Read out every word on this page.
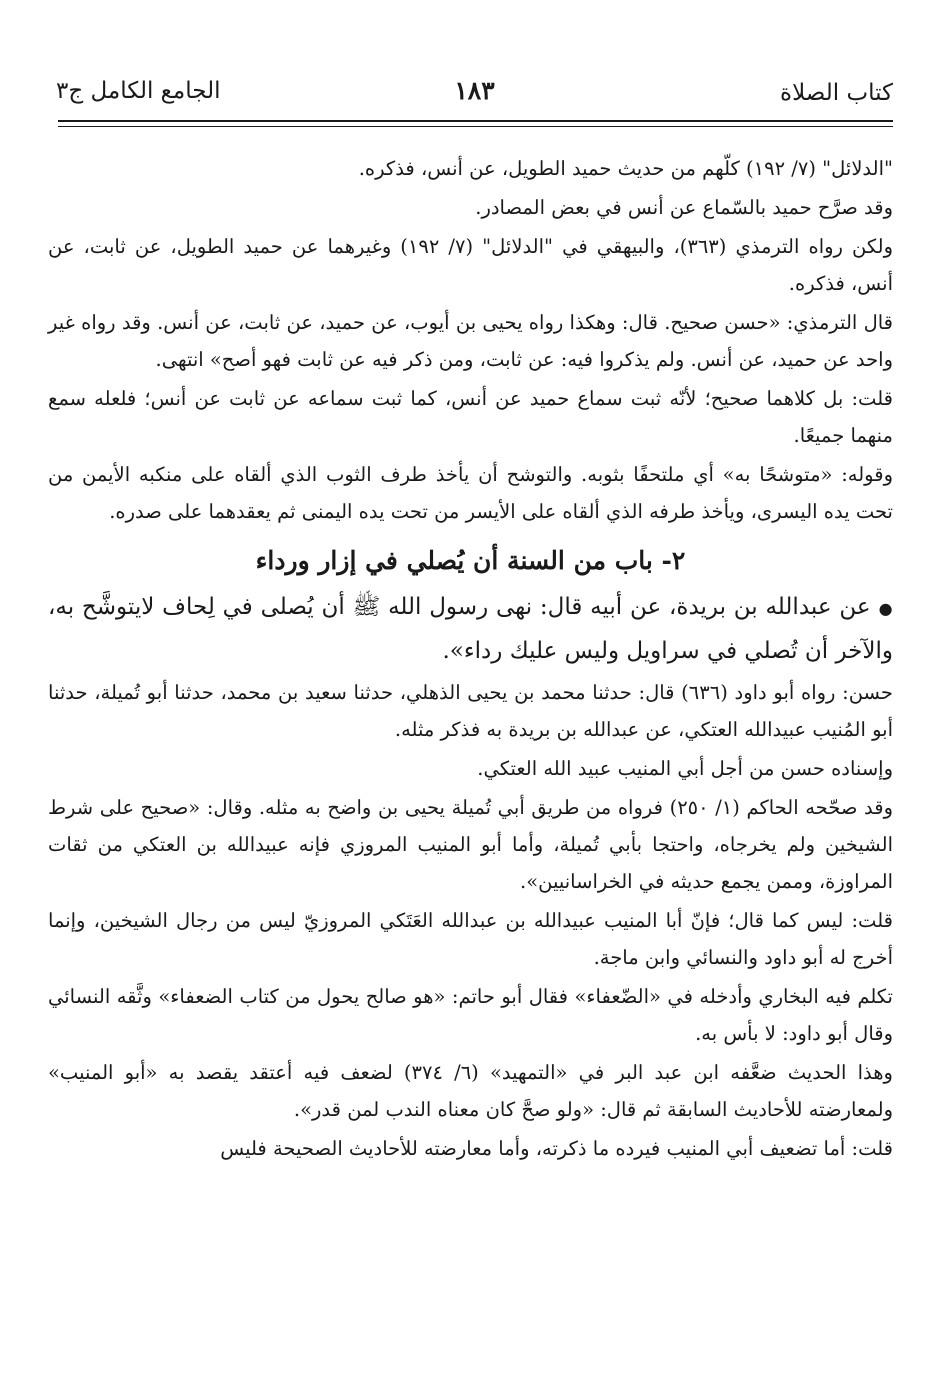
كتاب الصلاة
١٨٣
الجامع الكامل ج٣

"الدلائل" (٧/ ١٩٢) كلّهم من حديث حميد الطويل، عن أنس، فذكره.

وقد صرَّح حميد بالسّماع عن أنس في بعض المصادر.

ولكن رواه الترمذي (٣٦٣)، والبيهقي في "الدلائل" (٧/ ١٩٢) وغيرهما عن حميد الطويل، عن ثابت، عن أنس، فذكره.

قال الترمذي: «حسن صحيح. قال: وهكذا رواه يحيى بن أيوب، عن حميد، عن ثابت، عن أنس. وقد رواه غير واحد عن حميد، عن أنس. ولم يذكروا فيه: عن ثابت، ومن ذكر فيه عن ثابت فهو أصح» انتهى.

قلت: بل كلاهما صحيح؛ لأنّه ثبت سماع حميد عن أنس، كما ثبت سماعه عن ثابت عن أنس؛ فلعله سمع منهما جميعًا.

وقوله: «متوشحًا به» أي ملتحفًا بثوبه. والتوشح أن يأخذ طرف الثوب الذي ألقاه على منكبه الأيمن من تحت يده اليسرى، ويأخذ طرفه الذي ألقاه على الأيسر من تحت يده اليمنى ثم يعقدهما على صدره.

٢- باب من السنة أن يُصلي في إزار ورداء

●عن عبدالله بن بريدة، عن أبيه قال: نهى رسول الله ﷺ أن يُصلى في لِحاف لايتوشَّح به، والآخر أن تُصلي في سراويل وليس عليك رداء».

حسن: رواه أبو داود (٦٣٦) قال: حدثنا محمد بن يحيى الذهلي، حدثنا سعيد بن محمد، حدثنا أبو تُميلة، حدثنا أبو المُنيب عبيدالله العتكي، عن عبدالله بن بريدة به فذكر مثله.

وإسناده حسن من أجل أبي المنيب عبيد الله العتكي.

وقد صحّحه الحاكم (١/ ٢٥٠) فرواه من طريق أبي تُميلة يحيى بن واضح به مثله. وقال: «صحيح على شرط الشيخين ولم يخرجاه، واحتجا بأبي تُميلة، وأما أبو المنيب المروزي فإنه عبيدالله بن العتكي من ثقات المراوزة، وممن يجمع حديثه في الخراسانيين».

قلت: ليس كما قال؛ فإنّ أبا المنيب عبيدالله بن عبدالله العَتَكي المروزيّ ليس من رجال الشيخين، وإنما أخرج له أبو داود والنسائي وابن ماجة.

تكلم فيه البخاري وأدخله في «الضّعفاء» فقال أبو حاتم: «هو صالح يحول من كتاب الضعفاء» وثَّقه النسائي وقال أبو داود: لا بأس به.

وهذا الحديث ضعَّفه ابن عبد البر في «التمهيد» (٦/ ٣٧٤) لضعف فيه أعتقد يقصد به «أبو المنيب» ولمعارضته للأحاديث السابقة ثم قال: «ولو صحَّ كان معناه الندب لمن قدر».

قلت: أما تضعيف أبي المنيب فيرده ما ذكرته، وأما معارضته للأحاديث الصحيحة فليس
